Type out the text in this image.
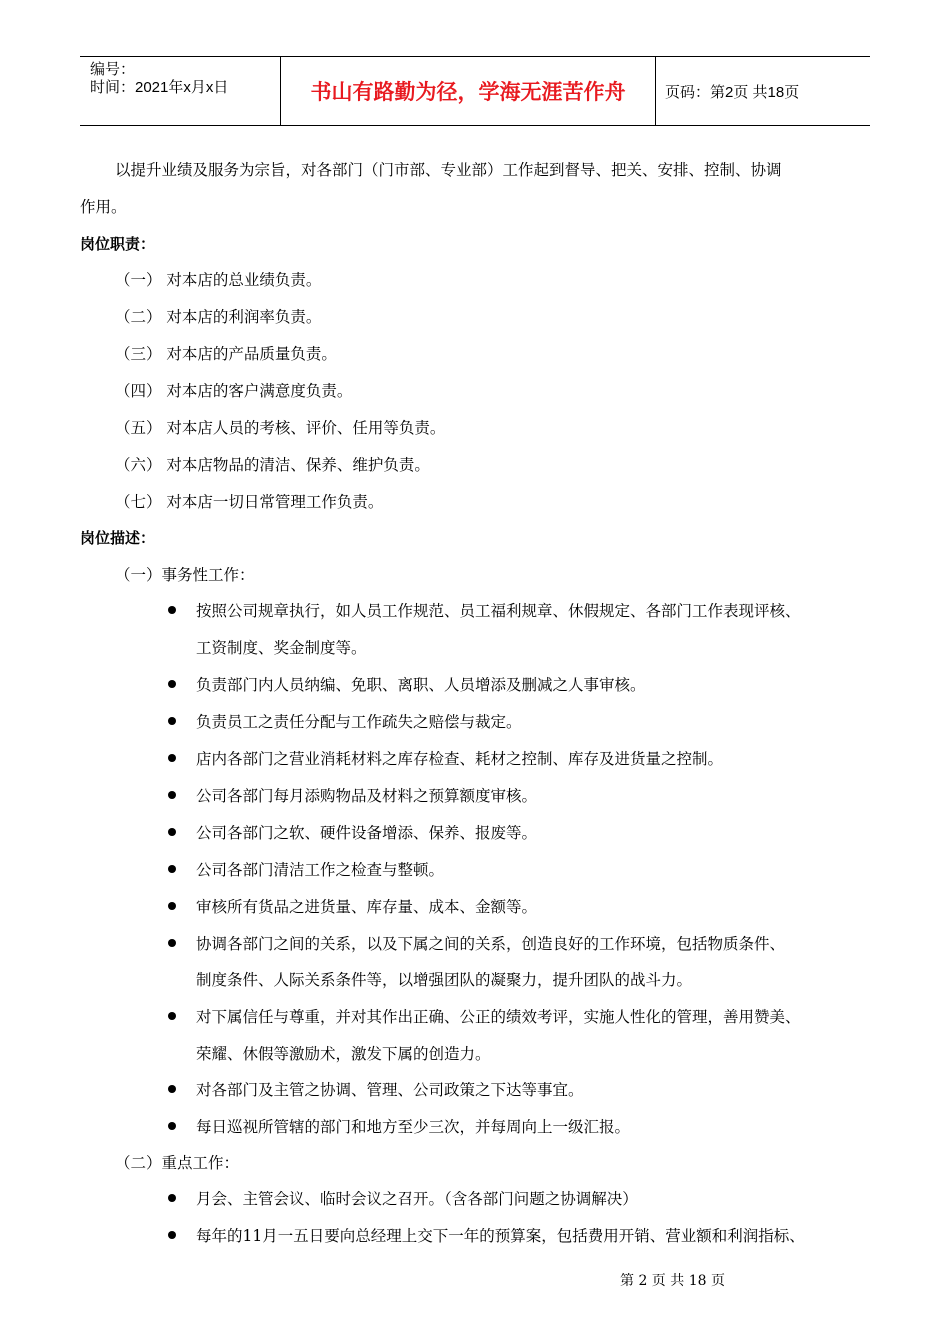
编号：
时间：2021年x月x日	书山有路勤为径，学海无涯苦作舟	页码：第2页 共18页
以提升业绩及服务为宗旨，对各部门（门市部、专业部）工作起到督导、把关、安排、控制、协调
作用。
岗位职责：
（一） 对本店的总业绩负责。
（二） 对本店的利润率负责。
（三） 对本店的产品质量负责。
（四） 对本店的客户满意度负责。
（五） 对本店人员的考核、评价、任用等负责。
（六） 对本店物品的清洁、保养、维护负责。
（七） 对本店一切日常管理工作负责。
岗位描述：
（一）事务性工作：
按照公司规章执行，如人员工作规范、员工福利规章、休假规定、各部门工作表现评核、
工资制度、奖金制度等。
负责部门内人员纳编、免职、离职、人员增添及删减之人事审核。
负责员工之责任分配与工作疏失之赔偿与裁定。
店内各部门之营业消耗材料之库存检查、耗材之控制、库存及进货量之控制。
公司各部门每月添购物品及材料之预算额度审核。
公司各部门之软、硬件设备增添、保养、报废等。
公司各部门清洁工作之检查与整顿。
审核所有货品之进货量、库存量、成本、金额等。
协调各部门之间的关系，以及下属之间的关系，创造良好的工作环境，包括物质条件、
制度条件、人际关系条件等，以增强团队的凝聚力，提升团队的战斗力。
对下属信任与尊重，并对其作出正确、公正的绩效考评，实施人性化的管理，善用赞美、
荣耀、休假等激励术，激发下属的创造力。
对各部门及主管之协调、管理、公司政策之下达等事宜。
每日巡视所管辖的部门和地方至少三次，并每周向上一级汇报。
（二）重点工作：
月会、主管会议、临时会议之召开。（含各部门问题之协调解决）
每年的11月一五日要向总经理上交下一年的预算案，包括费用开销、营业额和利润指标、
第 2 页 共 18 页
